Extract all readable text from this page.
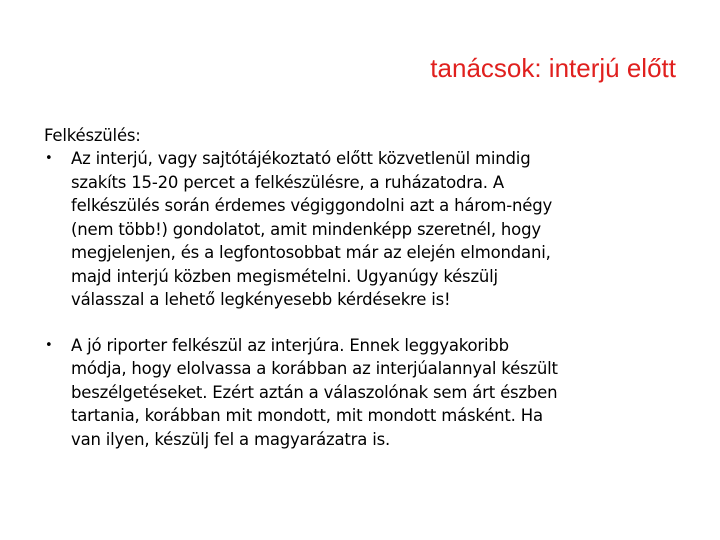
tanácsok: interjú előtt
Felkészülés:
• Az interjú, vagy sajtótájékoztató előtt közvetlenül mindig
szakíts 15-20 percet a felkészülésre, a ruházatodra. A
felkészülés során érdemes végiggondolni azt a három-négy
(nem több!) gondolatot, amit mindenképp szeretnél, hogy
megjelenjen, és a legfontosobbat már az elején elmondani,
majd interjú közben megismételni. Ugyanúgy készülj
válasszal a lehető legkényesebb kérdésekre is!
• A jó riporter felkészül az interjúra. Ennek leggyakoribb
módja, hogy elolvassa a korábban az interjúalannyal készült
beszélgetéseket. Ezért aztán a válaszolónak sem árt észben
tartania, korábban mit mondott, mit mondott másként. Ha
van ilyen, készülj fel a magyarázatra is.
